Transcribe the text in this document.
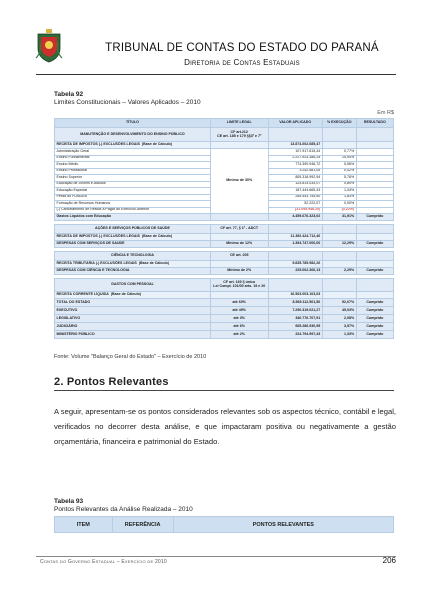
TRIBUNAL DE CONTAS DO ESTADO DO PARANÁ
Diretoria de Contas Estaduais
Tabela 92
Limites Constitucionais – Valores Aplicados – 2010
Em R$
TÍTULO	LIMITE LEGAL	VALOR APLICADO	% EXECUÇÃO	RESULTADO
MANUTENÇÃO E DESENVOLVIMENTO DO ENSINO PÚBLICO	CF art.212
CE art. 185 e 179 §§3º e 7º			

RECEITA DE IMPOSTOS (-) EXCLUSÕES LEGAIS (Base de Cálculo)		13.874.602.685,47		
Administração Geral	Mínimo de 30%	107.917.615,44	0,77%	
Ensino Fundamental		2.227.924.386,25	15,94%	
Ensino Médio		774.390.946,72	5,56%	
Ensino Profissional		3.242.581,05	0,02%	
Ensino Superior		805.318.992,94	5,76%	
Educação de Jovens e Adultos		124.814.034,07	0,89%	
Educação Especial		187.444.665,43	1,34%	
Perda do FUNDEB		255.543.755,50	1,83%	
Formação de Recursos Humanos		52.222,07	0,00%	
(-) Cancelamento de Restos a Pagar do Exercício Anterior		(31.095.946,20)	(0,22%)	
Gastos Líquidos com Educação		4.459.676.323,02	31,91%	Cumprido

AÇÕES E SERVIÇOS PÚBLICOS DE SAÚDE	CF art. 77, § 1º - ADCT			
RECEITA DE IMPOSTOS (-) EXCLUSÕES LEGAIS (Base de Cálculo)		11.392.424.712,46		
DESPESAS COM SERVIÇOS DE SAÚDE	Mínimo de 12%	1.394.747.000,00	12,29%	Cumprido

CIÊNCIA E TECNOLOGIA	CE art. 205			
RECEITA TRIBUTÁRIA (-) EXCLUSÕES LEGAIS (Base de Cálculo)		9.835.785.982,26		
DESPESAS COM CIÊNCIA E TECNOLOGIA	Mínimo de 2%	225.002.366,13	2,29%	Cumprido

GASTOS COM PESSOAL	CF art. 169 § único
Lei Compl. 101/00 arts. 19 e 20			

RECEITA CORRENTE LÍQUIDA (Base de Cálculo)		16.563.003.103,63		
TOTAL DO ESTADO	até 60%	8.569.112.501,56	52,07%	Cumprido
EXECUTIVO	até 49%	7.290.319.021,27	45,03%	Cumprido
LEGISLATIVO	até 3%	340.776.707,91	2,08%	Cumprido
JUDICIÁRIO	até 6%	605.286.930,95	3,57%	Cumprido
MINISTÉRIO PÚBLICO	até 2%	224.794.997,43	1,33%	Cumprido
Fonte: Volume "Balanço Geral do Estado" – Exercício de 2010
2. Pontos Relevantes

A seguir, apresentam-se os pontos considerados relevantes sob os aspectos técnico, contábil e legal, verificados no decorrer desta análise, e que impactaram positiva ou negativamente a gestão orçamentária, financeira e patrimonial do Estado.

Tabela 93
Pontos Relevantes da Análise Realizada – 2010
ITEM	REFERÊNCIA	PONTOS RELEVANTES
Contas do Governo Estadual – Exercício de 2010	206
